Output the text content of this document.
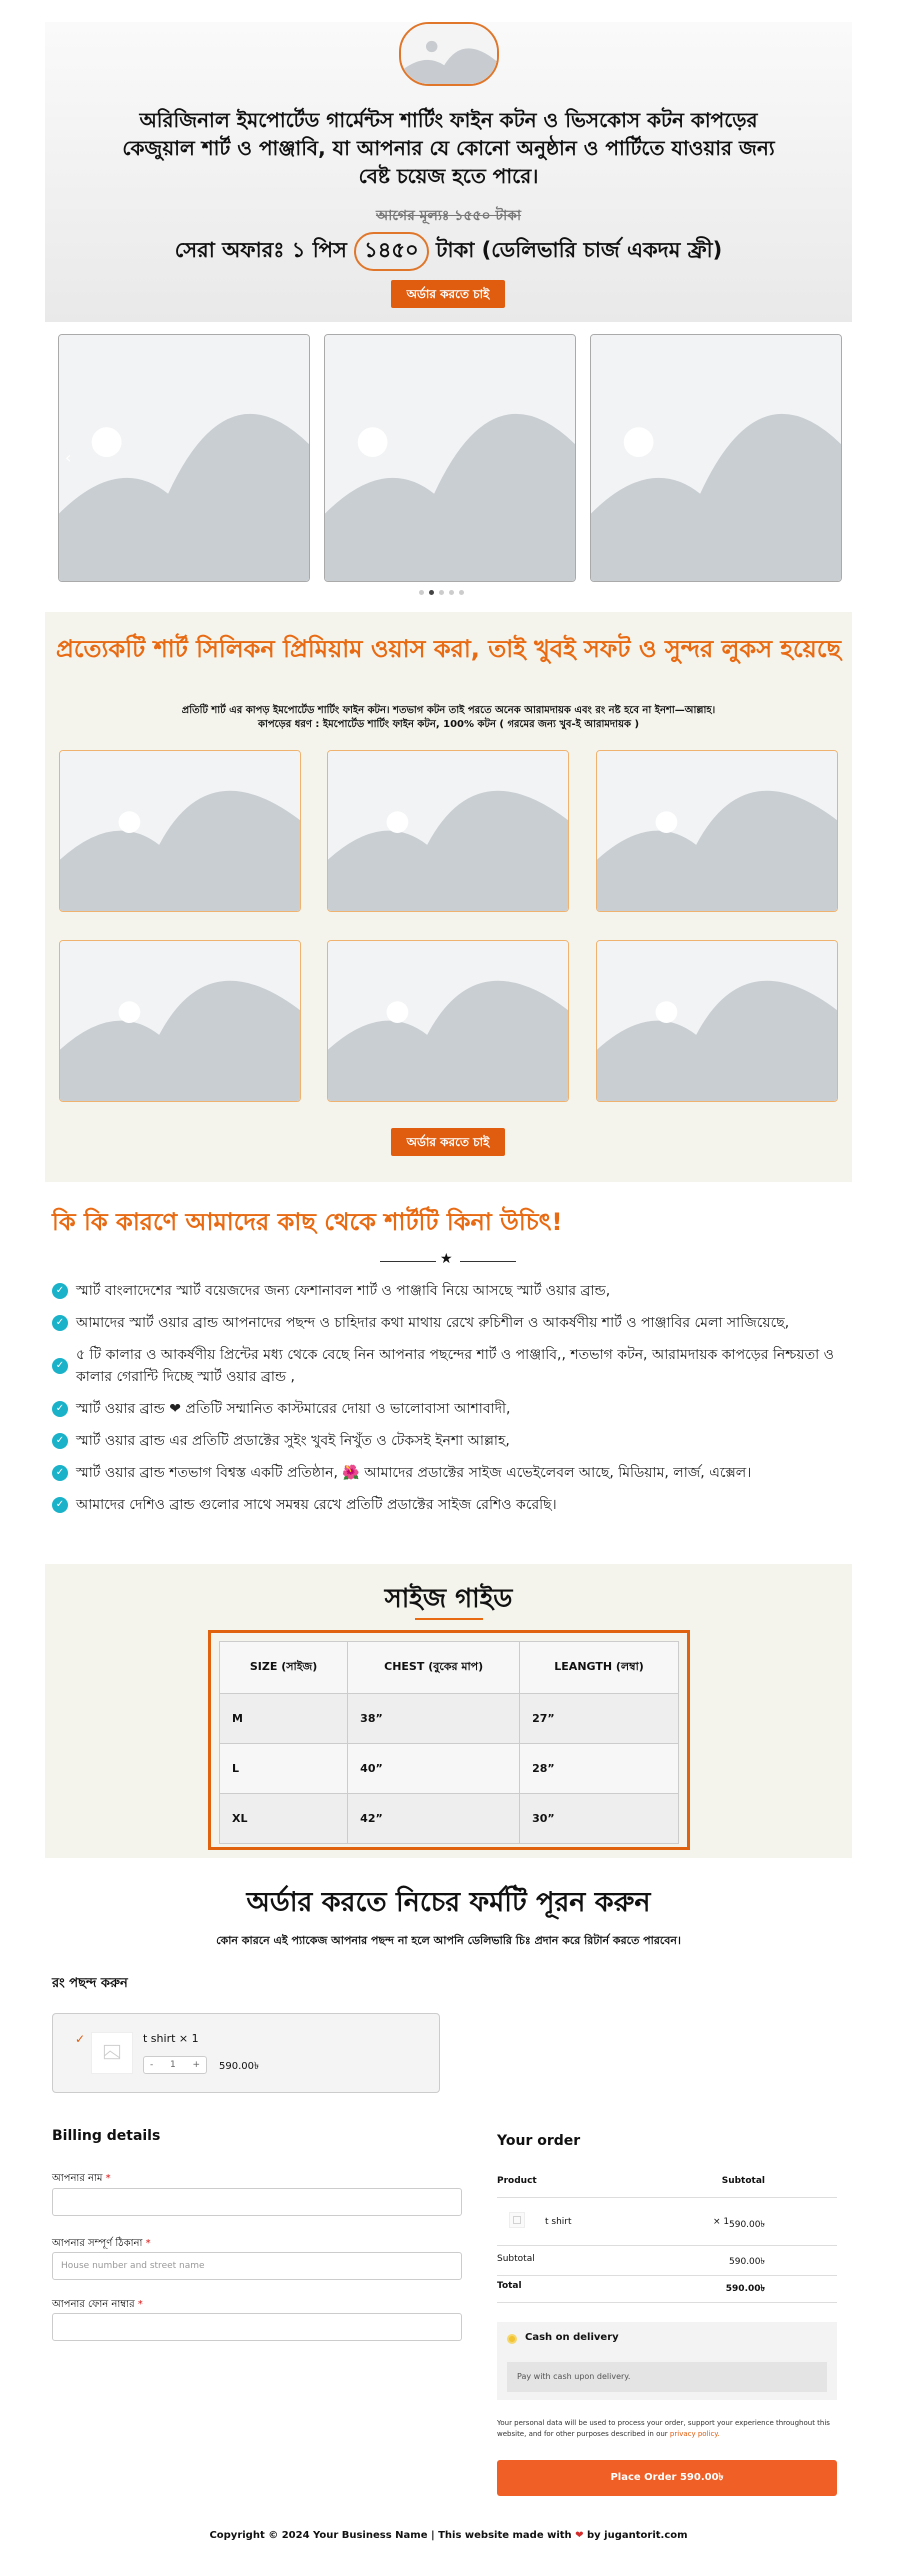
অরিজিনাল ইমপোর্টেড গার্মেন্টস শার্টিং ফাইন কটন ও ভিসকোস কটন কাপড়ের কেজুয়াল শার্ট ও পাঞ্জাবি, যা আপনার যে কোনো অনুষ্ঠান ও পার্টিতে যাওয়ার জন্য বেষ্ট চয়েজ হতে পারে।
আগের মূল্যঃ ১৫৫০ টাকা
সেরা অফারঃ ১ পিস ১৪৫০ টাকা (ডেলিভারি চার্জ একদম ফ্রী)
অর্ডার করতে চাই
‹
প্রত্যেকটি শার্ট সিলিকন প্রিমিয়াম ওয়াস করা, তাই খুবই সফট ও সুন্দর লুকস হয়েছে

প্রতিটি শার্ট এর কাপড় ইমপোর্টেড শার্টিং ফাইন কটন। শতভাগ কটন তাই পরতে অনেক আরামদায়ক এবং রং নষ্ট হবে না ইনশা—আল্লাহ।
কাপড়ের ধরণ : ইমপোর্টেড শার্টিং ফাইন কটন, 100% কটন ( গরমের জন্য খুব-ই আরামদায়ক )

অর্ডার করতে চাই
কি কি কারণে আমাদের কাছ থেকে শার্টটি কিনা উচিৎ!
★
✓ স্মার্ট বাংলাদেশের স্মার্ট বয়েজদের জন্য ফেশানাবল শার্ট ও পাঞ্জাবি নিয়ে আসছে স্মার্ট ওয়ার ব্রান্ড,
✓ আমাদের স্মার্ট ওয়ার ব্রান্ড আপনাদের পছন্দ ও চাহিদার কথা মাথায় রেখে রুচিশীল ও আকর্ষণীয় শার্ট ও পাঞ্জাবির মেলা সাজিয়েছে,
✓
৫ টি কালার ও আকর্ষণীয় প্রিন্টের মধ্য থেকে বেছে নিন আপনার পছন্দের শার্ট ও পাঞ্জাবি,, শতভাগ কটন, আরামদায়ক কাপড়ের নিশ্চয়তা ও কালার গেরান্টি দিচ্ছে স্মার্ট ওয়ার ব্রান্ড ,
✓ স্মার্ট ওয়ার ব্রান্ড ❤ প্রতিটি সম্মানিত কাস্টমারের দোয়া ও ভালোবাসা আশাবাদী,
✓ স্মার্ট ওয়ার ব্রান্ড এর প্রতিটি প্রডাক্টের সুইং খুবই নিখুঁত ও টেকসই ইনশা আল্লাহ,
✓ স্মার্ট ওয়ার ব্রান্ড শতভাগ বিশ্বস্ত একটি প্রতিষ্ঠান, 🌺 আমাদের প্রডাক্টের সাইজ এভেইলেবল আছে, মিডিয়াম, লার্জ, এক্সেল।
✓ আমাদের দেশিও ব্রান্ড গুলোর সাথে সমন্বয় রেখে প্রতিটি প্রডাক্টের সাইজ রেশিও করেছি।
সাইজ গাইড
SIZE (সাইজ)	CHEST (বুকের মাপ)	LEANGTH (লম্বা)
M	38”	27”
L	40”	28”
XL	42”	30”
অর্ডার করতে নিচের ফর্মটি পূরন করুন

কোন কারনে এই প্যাকেজ আপনার পছন্দ না হলে আপনি ডেলিভারি চিঃ প্রদান করে রিটার্ন করতে পারবেন।

রং পছন্দ করুন
✓	t shirt × 1
- 1 + 590.00৳
Billing details
আপনার নাম *
আপনার সম্পূর্ণ ঠিকানা *
House number and street name
আপনার ফোন নাম্বার *
Your order
Product	Subtotal
t shirt	× 1 590.00৳
Subtotal	590.00৳
Total	590.00৳
Cash on delivery
Pay with cash upon delivery.

Your personal data will be used to process your order, support your experience throughout this website, and for other purposes described in our privacy policy.

Place Order 590.00৳
Copyright © 2024 Your Business Name | This website made with ❤ by jugantorit.com
